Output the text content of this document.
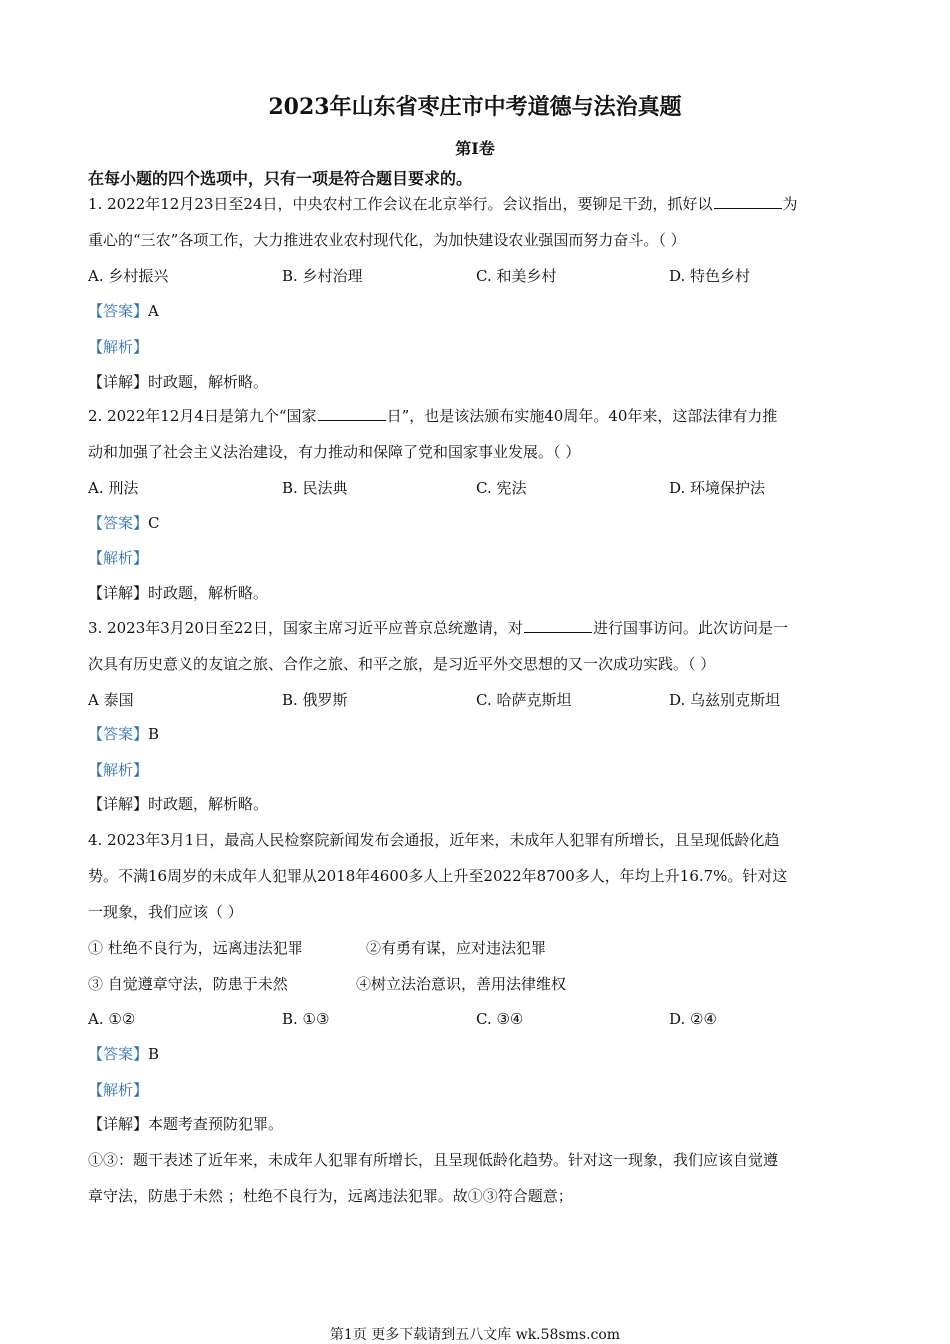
2023年山东省枣庄市中考道德与法治真题
第Ⅰ卷
在每小题的四个选项中，只有一项是符合题目要求的。
1. 2022年12月23日至24日，中央农村工作会议在北京举行。会议指出，要铆足干劲，抓好以	为
重心的“三农”各项工作，大力推进农业农村现代化，为加快建设农业强国而努力奋斗。（ ）
A. 乡村振兴	B. 乡村治理	C. 和美乡村	D. 特色乡村
【答案】A
【解析】
【详解】时政题，解析略。
2. 2022年12月4日是第九个“国家	日”，也是该法颁布实施40周年。40年来，这部法律有力推
动和加强了社会主义法治建设，有力推动和保障了党和国家事业发展。（ ）
A. 刑法	B. 民法典	C. 宪法	D. 环境保护法
【答案】C
【解析】
【详解】时政题，解析略。
3. 2023年3月20日至22日，国家主席习近平应普京总统邀请，对	进行国事访问。此次访问是一
次具有历史意义的友谊之旅、合作之旅、和平之旅，是习近平外交思想的又一次成功实践。（ ）
A 泰国	B. 俄罗斯	C. 哈萨克斯坦	D. 乌兹别克斯坦
【答案】B
【解析】
【详解】时政题，解析略。
4. 2023年3月1日，最高人民检察院新闻发布会通报，近年来，未成年人犯罪有所增长，且呈现低龄化趋
势。不满16周岁的未成年人犯罪从2018年4600多人上升至2022年8700多人，年均上升16.7%。针对这
一现象，我们应该（ ）
① 杜绝不良行为，远离违法犯罪	②有勇有谋，应对违法犯罪
③ 自觉遵章守法，防患于未然	④树立法治意识，善用法律维权
A. ①②	B. ①③	C. ③④	D. ②④
【答案】B
【解析】
【详解】本题考查预防犯罪。
①③：题干表述了近年来，未成年人犯罪有所增长，且呈现低龄化趋势。针对这一现象，我们应该自觉遵
章守法，防患于未然 ；杜绝不良行为，远离违法犯罪。故①③符合题意；
第1页 更多下载请到五八文库 wk.58sms.com
